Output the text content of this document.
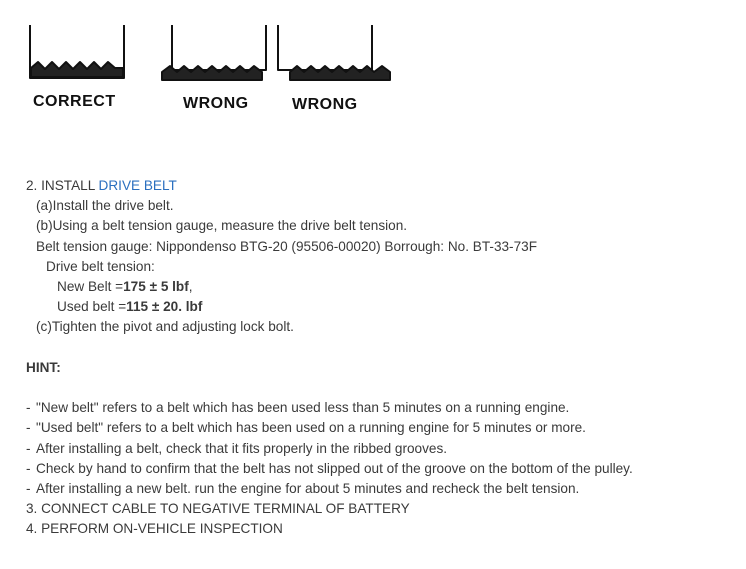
CORRECT	WRONG	WRONG
2. INSTALL DRIVE BELT
(a)Install the drive belt.
(b)Using a belt tension gauge, measure the drive belt tension.
Belt tension gauge: Nippondenso BTG-20 (95506-00020) Borrough: No. BT-33-73F
Drive belt tension:
New Belt =175 ± 5 lbf,
Used belt =115 ± 20. lbf
(c)Tighten the pivot and adjusting lock bolt.
HINT:
- "New belt" refers to a belt which has been used less than 5 minutes on a running engine.
- "Used belt" refers to a belt which has been used on a running engine for 5 minutes or more.
- After installing a belt, check that it fits properly in the ribbed grooves.
- Check by hand to confirm that the belt has not slipped out of the groove on the bottom of the pulley.
- After installing a new belt. run the engine for about 5 minutes and recheck the belt tension.
3. CONNECT CABLE TO NEGATIVE TERMINAL OF BATTERY
4. PERFORM ON-VEHICLE INSPECTION
